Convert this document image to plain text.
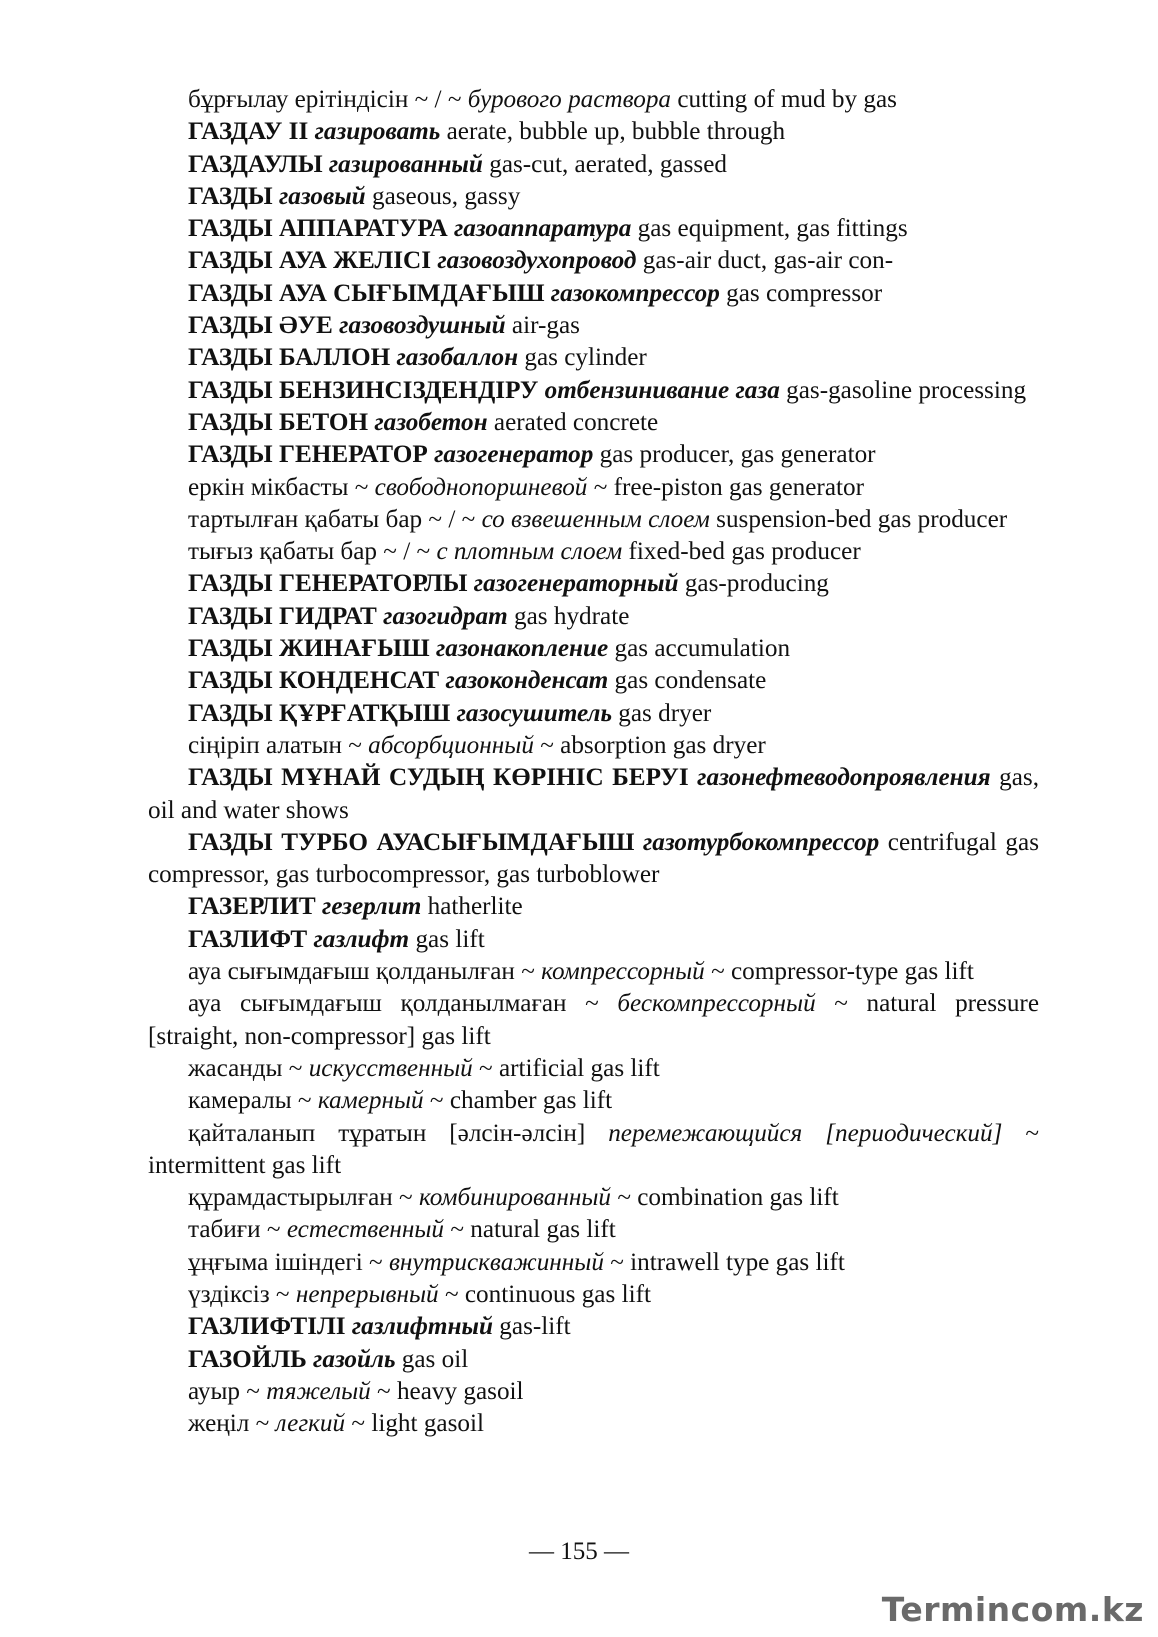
бұрғылау ерітіндісін ~ / ~ бурового раствора cutting of mud by gas
ГАЗДАУ II газировать aerate, bubble up, bubble through
ГАЗДАУЛЫ газированный gas-cut, aerated, gassed
ГАЗДЫ газовый gaseous, gassy
ГАЗДЫ АППАРАТУРА газоаппаратура gas equipment, gas fittings
ГАЗДЫ АУА ЖЕЛІСІ газовоздухопровод gas-air duct, gas-air con-
ГАЗДЫ АУА СЫҒЫМДАҒЫШ газокомпрессор gas compressor
ГАЗДЫ ӘУЕ газовоздушный air-gas
ГАЗДЫ БАЛЛОН газобаллон gas cylinder
ГАЗДЫ БЕНЗИНСІЗДЕНДІРУ отбензинивание газа gas-gasoline processing
ГАЗДЫ БЕТОН газобетон aerated concrete
ГАЗДЫ ГЕНЕРАТОР газогенератор gas producer, gas generator
еркін мікбасты ~ свободнопоршневой ~ free-piston gas generator
тартылған қабаты бар ~ / ~ со взвешенным слоем suspension-bed gas producer
тығыз қабаты бар ~ / ~ с плотным слоем fixed-bed gas producer
ГАЗДЫ ГЕНЕРАТОРЛЫ газогенераторный gas-producing
ГАЗДЫ ГИДРАТ газогидрат gas hydrate
ГАЗДЫ ЖИНАҒЫШ газонакопление gas accumulation
ГАЗДЫ КОНДЕНСАТ газоконденсат gas condensate
ГАЗДЫ ҚҰРҒАТҚЫШ газосушитель gas dryer
сіңіріп алатын ~ абсорбционный ~ absorption gas dryer
ГАЗДЫ МҰНАЙ СУДЫҢ КӨРІНІС БЕРУІ газонефтеводопроявления gas, oil and water shows
ГАЗДЫ ТУРБО АУАСЫҒЫМДАҒЫШ газотурбокомпрессор centrifugal gas compressor, gas turbocompressor, gas turboblower
ГАЗЕРЛИТ гезерлит hatherlite
ГАЗЛИФТ газлифт gas lift
ауа сығымдағыш қолданылған ~ компрессорный ~ compressor-type gas lift
ауа сығымдағыш қолданылмаған ~ бескомпрессорный ~ natural pressure [straight, non-compressor] gas lift
жасанды ~ искусственный ~ artificial gas lift
камералы ~ камерный ~ chamber gas lift
қайталанып тұратын [әлсін-әлсін] перемежающийся [периодический] ~ intermittent gas lift
құрамдастырылған ~ комбинированный ~ combination gas lift
табиғи ~ естественный ~ natural gas lift
ұңғыма ішіндегі ~ внутрискважинный ~ intrawell type gas lift
үздіксіз ~ непрерывный ~ continuous gas lift
ГАЗЛИФТІЛІ газлифтный gas-lift
ГАЗОЙЛЬ газойль gas oil
ауыр ~ тяжелый ~ heavy gasoil
жеңіл ~ легкий ~ light gasoil
— 155 —
Termincom.kz
